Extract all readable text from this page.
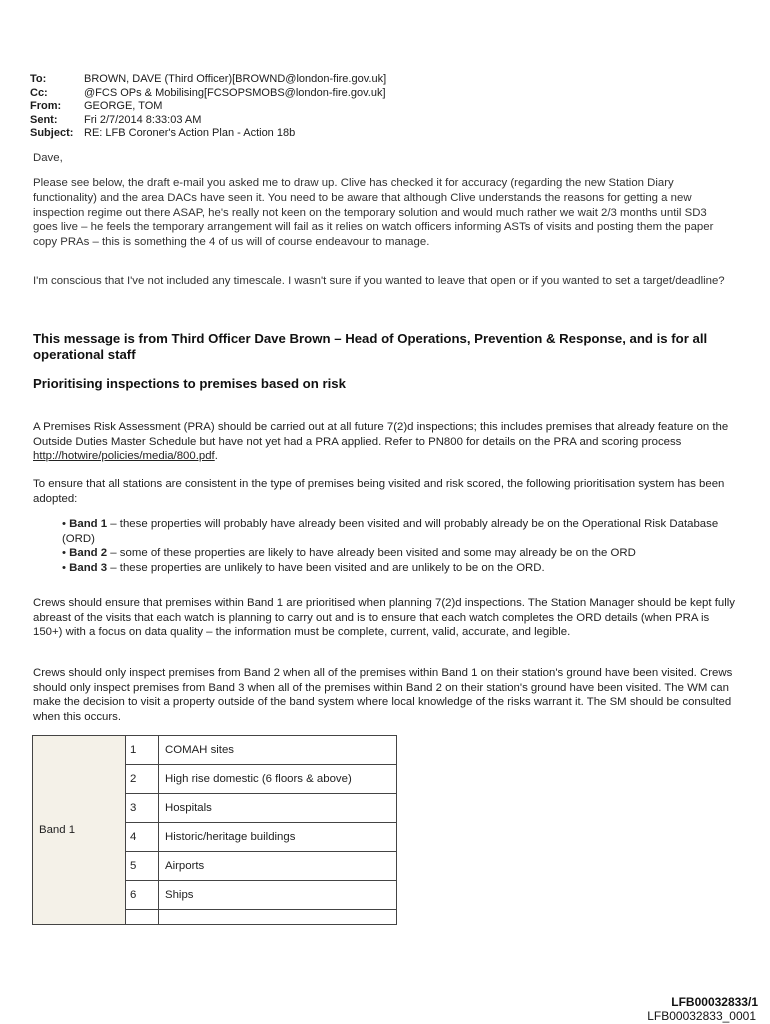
To:	BROWN, DAVE (Third Officer)[BROWND@london-fire.gov.uk]
Cc:	@FCS OPs & Mobilising[FCSOPSMOBS@london-fire.gov.uk]
From:	GEORGE, TOM
Sent:	Fri 2/7/2014 8:33:03 AM
Subject: RE: LFB Coroner's Action Plan - Action 18b
Dave,
Please see below, the draft e-mail you asked me to draw up. Clive has checked it for accuracy (regarding the new Station Diary functionality) and the area DACs have seen it. You need to be aware that although Clive understands the reasons for getting a new inspection regime out there ASAP, he's really not keen on the temporary solution and would much rather we wait 2/3 months until SD3 goes live – he feels the temporary arrangement will fail as it relies on watch officers informing ASTs of visits and posting them the paper copy PRAs – this is something the 4 of us will of course endeavour to manage.
I'm conscious that I've not included any timescale. I wasn't sure if you wanted to leave that open or if you wanted to set a target/deadline?
This message is from Third Officer Dave Brown – Head of Operations, Prevention & Response, and is for all operational staff
Prioritising inspections to premises based on risk
A Premises Risk Assessment (PRA) should be carried out at all future 7(2)d inspections; this includes premises that already feature on the Outside Duties Master Schedule but have not yet had a PRA applied. Refer to PN800 for details on the PRA and scoring process http://hotwire/policies/media/800.pdf.
To ensure that all stations are consistent in the type of premises being visited and risk scored, the following prioritisation system has been adopted:
• Band 1 – these properties will probably have already been visited and will probably already be on the Operational Risk Database (ORD)
• Band 2 – some of these properties are likely to have already been visited and some may already be on the ORD
• Band 3 – these properties are unlikely to have been visited and are unlikely to be on the ORD.
Crews should ensure that premises within Band 1 are prioritised when planning 7(2)d inspections. The Station Manager should be kept fully abreast of the visits that each watch is planning to carry out and is to ensure that each watch completes the ORD details (when PRA is 150+) with a focus on data quality – the information must be complete, current, valid, accurate, and legible.
Crews should only inspect premises from Band 2 when all of the premises within Band 1 on their station's ground have been visited. Crews should only inspect premises from Band 3 when all of the premises within Band 2 on their station's ground have been visited. The WM can make the decision to visit a property outside of the band system where local knowledge of the risks warrant it. The SM should be consulted when this occurs.
Band 1	1	COMAH sites
	2	High rise domestic (6 floors & above)
	3	Hospitals
	4	Historic/heritage buildings
	5	Airports
	6	Ships

LFB00032833/1
LFB00032833_0001
